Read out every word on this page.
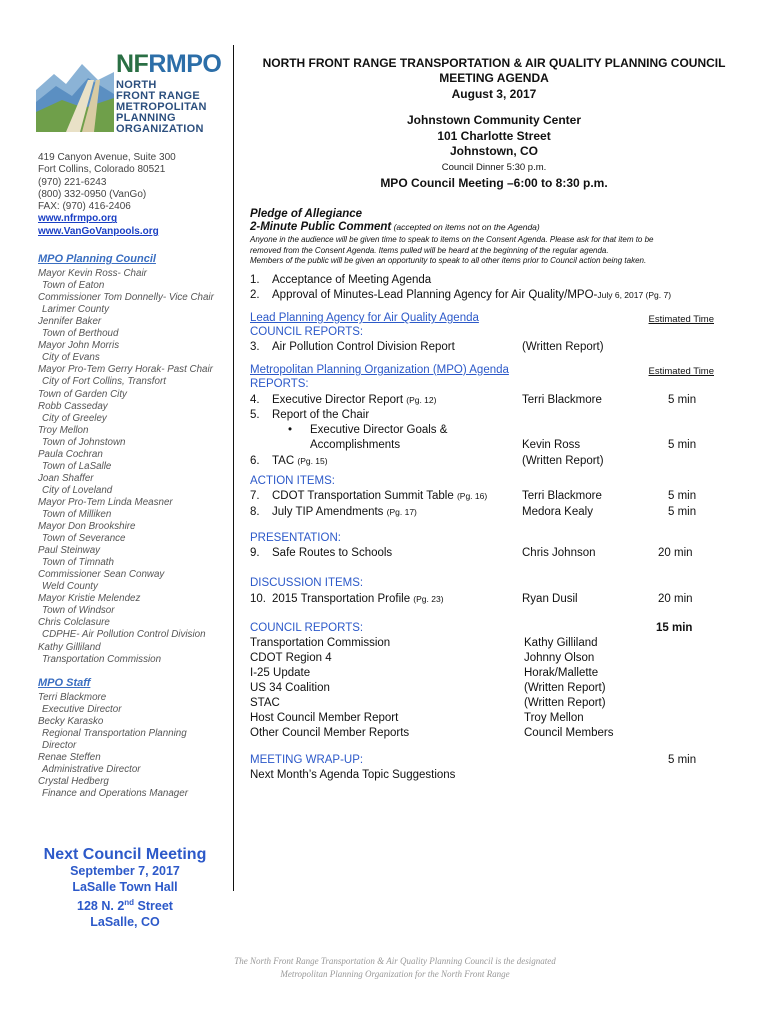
NFRMPO
NORTH
FRONT RANGE
METROPOLITAN
PLANNING
ORGANIZATION
419 Canyon Avenue, Suite 300
Fort Collins, Colorado 80521
(970) 221-6243
(800) 332-0950 (VanGo)
FAX: (970) 416-2406
www.nfrmpo.org
www.VanGoVanpools.org
MPO Planning Council
Mayor Kevin Ross- Chair
Town of Eaton
Commissioner Tom Donnelly- Vice Chair
Larimer County
Jennifer Baker
Town of Berthoud
Mayor John Morris
City of Evans
Mayor Pro-Tem Gerry Horak- Past Chair
City of Fort Collins, Transfort
Town of Garden City
Robb Casseday
City of Greeley
Troy Mellon
Town of Johnstown
Paula Cochran
Town of LaSalle
Joan Shaffer
City of Loveland
Mayor Pro-Tem Linda Measner
Town of Milliken
Mayor Don Brookshire
Town of Severance
Paul Steinway
Town of Timnath
Commissioner Sean Conway
Weld County
Mayor Kristie Melendez
Town of Windsor
Chris Colclasure
CDPHE- Air Pollution Control Division
Kathy Gilliland
Transportation Commission
MPO Staff
Terri Blackmore
Executive Director
Becky Karasko
Regional Transportation Planning
Director
Renae Steffen
Administrative Director
Crystal Hedberg
Finance and Operations Manager
Next Council Meeting
September 7, 2017
LaSalle Town Hall
128 N. 2nd Street
LaSalle, CO
NORTH FRONT RANGE TRANSPORTATION & AIR QUALITY PLANNING COUNCIL
MEETING AGENDA
August 3, 2017
Johnstown Community Center
101 Charlotte Street
Johnstown, CO
Council Dinner 5:30 p.m.
MPO Council Meeting –6:00 to 8:30 p.m.
Pledge of Allegiance
2-Minute Public Comment (accepted on items not on the Agenda)
Anyone in the audience will be given time to speak to items on the Consent Agenda. Please ask for that item to be
removed from the Consent Agenda. Items pulled will be heard at the beginning of the regular agenda.
Members of the public will be given an opportunity to speak to all other items prior to Council action being taken.
1. Acceptance of Meeting Agenda
2. Approval of Minutes-Lead Planning Agency for Air Quality/MPO-July 6, 2017 (Pg. 7)
Lead Planning Agency for Air Quality Agenda	Estimated Time
COUNCIL REPORTS:
3. Air Pollution Control Division Report	(Written Report)
Metropolitan Planning Organization (MPO) Agenda	Estimated Time
REPORTS:
4. Executive Director Report (Pg. 12)	Terri Blackmore	5 min
5. Report of the Chair
• Executive Director Goals &
Accomplishments	Kevin Ross	5 min
6. TAC (Pg. 15)	(Written Report)
ACTION ITEMS:
7. CDOT Transportation Summit Table (Pg. 16)	Terri Blackmore	5 min
8. July TIP Amendments (Pg. 17)	Medora Kealy	5 min
PRESENTATION:
9. Safe Routes to Schools	Chris Johnson	20 min
DISCUSSION ITEMS:
10. 2015 Transportation Profile (Pg. 23)	Ryan Dusil	20 min
COUNCIL REPORTS:	15 min
Transportation Commission	Kathy Gilliland
CDOT Region 4	Johnny Olson
I-25 Update	Horak/Mallette
US 34 Coalition	(Written Report)
STAC	(Written Report)
Host Council Member Report	Troy Mellon
Other Council Member Reports	Council Members
MEETING WRAP-UP:	5 min
Next Month’s Agenda Topic Suggestions
The North Front Range Transportation & Air Quality Planning Council is the designated
Metropolitan Planning Organization for the North Front Range
